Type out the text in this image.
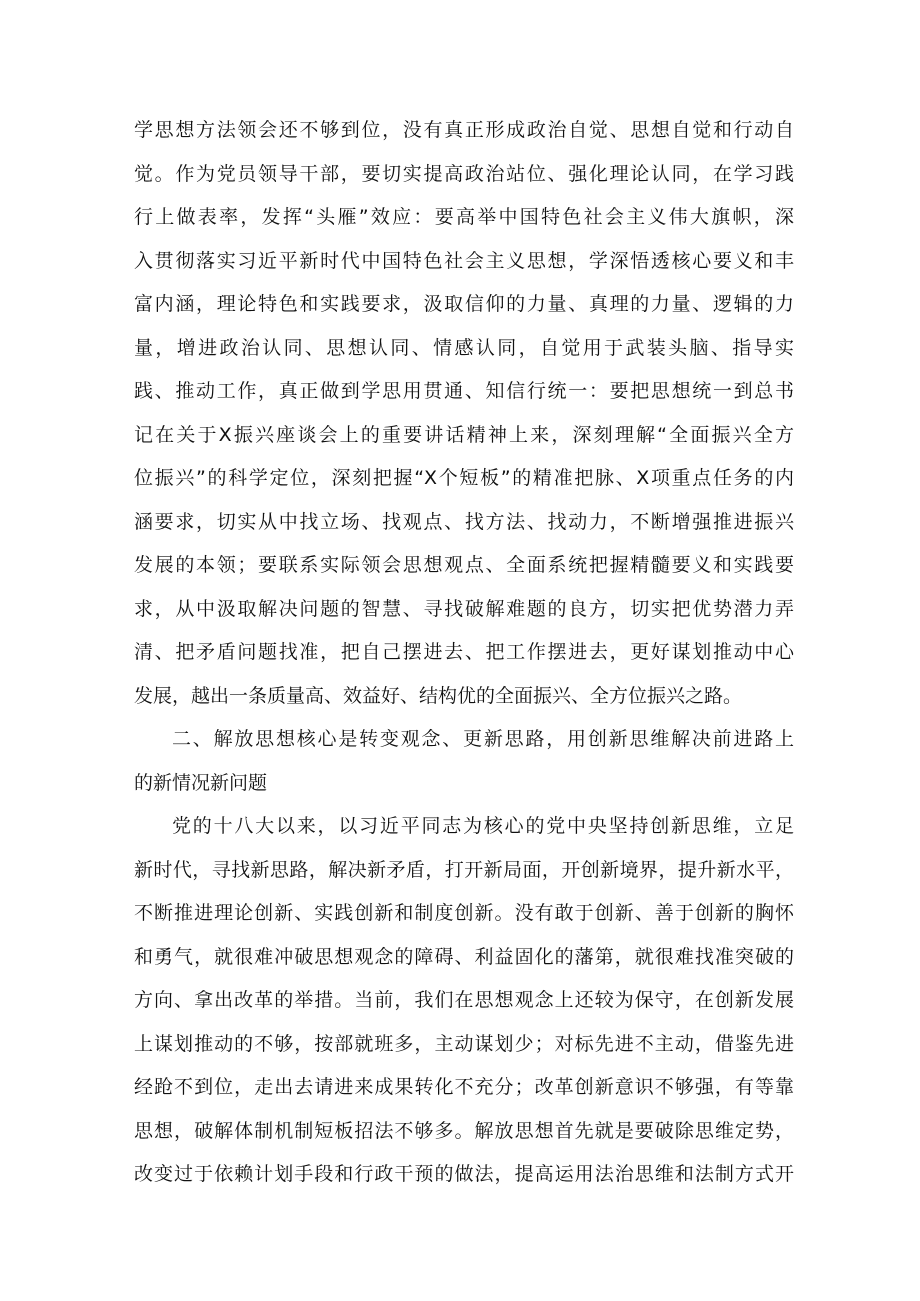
学思想方法领会还不够到位，没有真正形成政治自觉、思想自觉和行动自
觉。作为党员领导干部，要切实提高政治站位、强化理论认同，在学习践
行上做表率，发挥“头雁”效应：要高举中国特色社会主义伟大旗帜，深
入贯彻落实习近平新时代中国特色社会主义思想，学深悟透核心要义和丰
富内涵，理论特色和实践要求，汲取信仰的力量、真理的力量、逻辑的力
量，增进政治认同、思想认同、情感认同，自觉用于武装头脑、指导实
践、推动工作，真正做到学思用贯通、知信行统一：要把思想统一到总书
记在关于X振兴座谈会上的重要讲话精神上来，深刻理解“全面振兴全方
位振兴”的科学定位，深刻把握“X个短板”的精准把脉、X项重点任务的内
涵要求，切实从中找立场、找观点、找方法、找动力，不断增强推进振兴
发展的本领；要联系实际领会思想观点、全面系统把握精髓要义和实践要
求，从中汲取解决问题的智慧、寻找破解难题的良方，切实把优势潜力弄
清、把矛盾问题找准，把自己摆进去、把工作摆进去，更好谋划推动中心
发展，越出一条质量高、效益好、结构优的全面振兴、全方位振兴之路。
二、解放思想核心是转变观念、更新思路，用创新思维解决前进路上
的新情况新问题
党的十八大以来，以习近平同志为核心的党中央坚持创新思维，立足
新时代，寻找新思路，解决新矛盾，打开新局面，开创新境界，提升新水平，
不断推进理论创新、实践创新和制度创新。没有敢于创新、善于创新的胸怀
和勇气，就很难冲破思想观念的障碍、利益固化的藩第，就很难找准突破的
方向、拿出改革的举措。当前，我们在思想观念上还较为保守，在创新发展
上谋划推动的不够，按部就班多，主动谋划少；对标先进不主动，借鉴先进
经跄不到位，走出去请进来成果转化不充分；改革创新意识不够强，有等靠
思想，破解体制机制短板招法不够多。解放思想首先就是要破除思维定势，
改变过于依赖计划手段和行政干预的做法，提高运用法治思维和法制方式开
